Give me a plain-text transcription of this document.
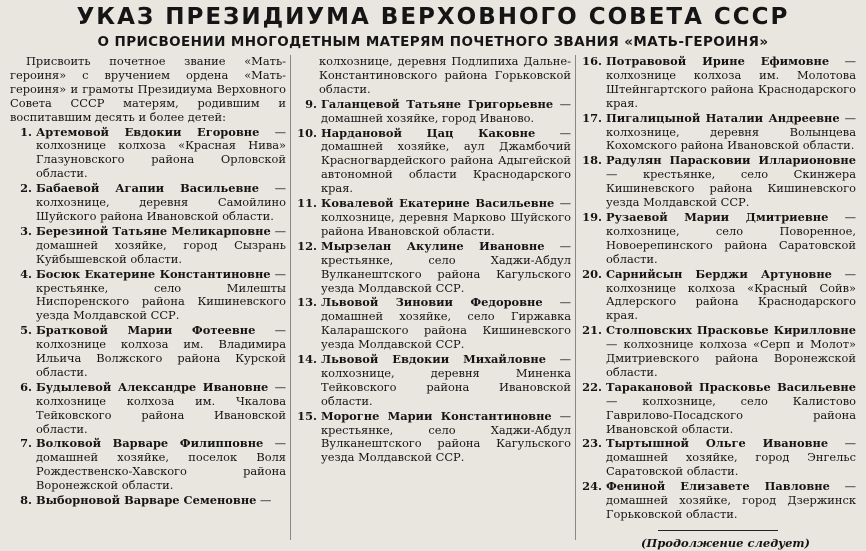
УКАЗ ПРЕЗИДИУМА ВЕРХОВНОГО СОВЕТА СССР
О ПРИСВОЕНИИ МНОГОДЕТНЫМ МАТЕРЯМ ПОЧЕТНОГО ЗВАНИЯ «МАТЬ-ГЕРОИНЯ»

Присвоить почетное звание «Мать-героиня» с вручением ордена «Мать-героиня» и грамоты Президиума Верховного Совета СССР матерям, родившим и воспитавшим десять и более детей:

1. Артемовой Евдокии Егоровне — колхознице колхоза «Красная Нива» Глазуновского района Орловской области.
2. Бабаевой Агапии Васильевне — колхознице, деревня Самойлино Шуйского района Ивановской области.
3. Березиной Татьяне Меликарповне — домашней хозяйке, город Сызрань Куйбышевской области.
4. Босюк Екатерине Константиновне — крестьянке, село Милешты Ниспоренского района Кишиневского уезда Молдавской ССР.
5. Братковой Марии Фотеевне — колхознице колхоза им. Владимира Ильича Волжского района Курской области.
6. Будылевой Александре Ивановне — колхознице колхоза им. Чкалова Тейковского района Ивановской области.
7. Волковой Варваре Филипповне — домашней хозяйке, поселок Воля Рождественско-Хавского района Воронежской области.
8. Выборновой Варваре Семеновне —
колхознице, деревня Подлипиха Дальне-Константиновского района Горьковской области.
9. Галанцевой Татьяне Григорьевне — домашней хозяйке, город Иваново.
10. Нардановой Цац Каковне — домашней хозяйке, аул Джамбочий Красногвардейского района Адыгейской автономной области Краснодарского края.
11. Ковалевой Екатерине Васильевне — колхознице, деревня Марково Шуйского района Ивановской области.
12. Мырзелан Акулине Ивановне — крестьянке, село Хаджи-Абдул Вулканештского района Кагульского уезда Молдавской ССР.
13. Львовой Зиновии Федоровне — домашней хозяйке, село Гиржавка Каларашского района Кишиневского уезда Молдавской ССР.
14. Львовой Евдокии Михайловне — колхознице, деревня Миненка Тейковского района Ивановской области.
15. Морогне Марии Константиновне — крестьянке, село Хаджи-Абдул Вулканештского района Кагульского уезда Молдавской ССР.
16. Потравовой Ирине Ефимовне — колхознице колхоза им. Молотова Штейнгартского района Краснодарского края.
17. Пигалицыной Наталии Андреевне — колхознице, деревня Волынцева Кохомского района Ивановской области.
18. Радулян Парасковии Илларионовне — крестьянке, село Скинжера Кишиневского района Кишиневского уезда Молдавской ССР.
19. Рузаевой Марии Дмитриевне — колхознице, село Поворенное, Новоерепинского района Саратовской области.
20. Сарнийсын Берджи Артуновне — колхознице колхоза «Красный Сойв» Адлерского района Краснодарского края.
21. Столповских Прасковье Кирилловне — колхознице колхоза «Серп и Молот» Дмитриевского района Воронежской области.
22. Таракановой Прасковье Васильевне — колхознице, село Калистово Гаврилово-Посадского района Ивановской области.
23. Тыртышной Ольге Ивановне — домашней хозяйке, город Энгельс Саратовской области.
24. Фениной Елизавете Павловне — домашней хозяйке, город Дзержинск Горьковской области.
(Продолжение следует)
